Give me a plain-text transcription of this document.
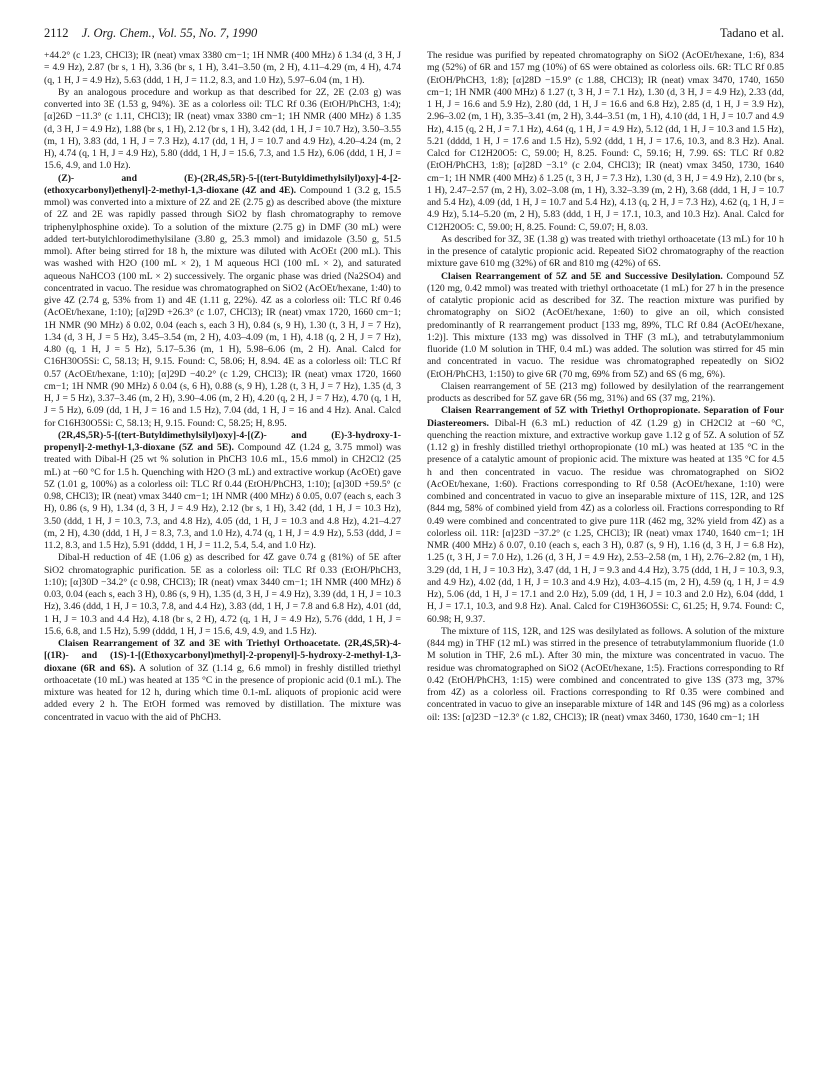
2112 J. Org. Chem., Vol. 55, No. 7, 1990	Tadano et al.

+44.2° (c 1.23, CHCl3); IR (neat) νmax 3380 cm−1; 1H NMR (400 MHz) δ 1.34 (d, 3 H, J = 4.9 Hz), 2.87 (br s, 1 H), 3.36 (br s, 1 H), 3.41–3.50 (m, 2 H), 4.11–4.29 (m, 4 H), 4.74 (q, 1 H, J = 4.9 Hz), 5.63 (ddd, 1 H, J = 11.2, 8.3, and 1.0 Hz), 5.97–6.04 (m, 1 H).

By an analogous procedure and workup as that described for 2Z, 2E (2.03 g) was converted into 3E (1.53 g, 94%). 3E as a colorless oil: TLC Rf 0.36 (EtOH/PhCH3, 1:4); [α]26D −11.3° (c 1.11, CHCl3); IR (neat) νmax 3380 cm−1; 1H NMR (400 MHz) δ 1.35 (d, 3 H, J = 4.9 Hz), 1.88 (br s, 1 H), 2.12 (br s, 1 H), 3.42 (dd, 1 H, J = 10.7 Hz), 3.50–3.55 (m, 1 H), 3.83 (dd, 1 H, J = 7.3 Hz), 4.17 (dd, 1 H, J = 10.7 and 4.9 Hz), 4.20–4.24 (m, 2 H), 4.74 (q, 1 H, J = 4.9 Hz), 5.80 (ddd, 1 H, J = 15.6, 7.3, and 1.5 Hz), 6.06 (ddd, 1 H, J = 15.6, 4.9, and 1.0 Hz).

(Z)- and (E)-(2R,4S,5R)-5-[(tert-Butyldimethylsilyl)oxy]-4-[2-(ethoxycarbonyl)ethenyl]-2-methyl-1,3-dioxane (4Z and 4E). Compound 1 (3.2 g, 15.5 mmol) was converted into a mixture of 2Z and 2E (2.75 g) as described above (the mixture of 2Z and 2E was rapidly passed through SiO2 by flash chromatography to remove triphenylphosphine oxide). To a solution of the mixture (2.75 g) in DMF (30 mL) were added tert-butylchlorodimethylsilane (3.80 g, 25.3 mmol) and imidazole (3.50 g, 51.5 mmol). After being stirred for 18 h, the mixture was diluted with AcOEt (200 mL). This was washed with H2O (100 mL × 2), 1 M aqueous HCl (100 mL × 2), and saturated aqueous NaHCO3 (100 mL × 2) successively. The organic phase was dried (Na2SO4) and concentrated in vacuo. The residue was chromatographed on SiO2 (AcOEt/hexane, 1:40) to give 4Z (2.74 g, 53% from 1) and 4E (1.11 g, 22%). 4Z as a colorless oil: TLC Rf 0.46 (AcOEt/hexane, 1:10); [α]29D +26.3° (c 1.07, CHCl3); IR (neat) νmax 1720, 1660 cm−1; 1H NMR (90 MHz) δ 0.02, 0.04 (each s, each 3 H), 0.84 (s, 9 H), 1.30 (t, 3 H, J = 7 Hz), 1.34 (d, 3 H, J = 5 Hz), 3.45–3.54 (m, 2 H), 4.03–4.09 (m, 1 H), 4.18 (q, 2 H, J = 7 Hz), 4.80 (q, 1 H, J = 5 Hz), 5.17–5.36 (m, 1 H), 5.98–6.06 (m, 2 H). Anal. Calcd for C16H30O5Si: C, 58.13; H, 9.15. Found: C, 58.06; H, 8.94. 4E as a colorless oil: TLC Rf 0.57 (AcOEt/hexane, 1:10); [α]29D −40.2° (c 1.29, CHCl3); IR (neat) νmax 1720, 1660 cm−1; 1H NMR (90 MHz) δ 0.04 (s, 6 H), 0.88 (s, 9 H), 1.28 (t, 3 H, J = 7 Hz), 1.35 (d, 3 H, J = 5 Hz), 3.37–3.46 (m, 2 H), 3.90–4.06 (m, 2 H), 4.20 (q, 2 H, J = 7 Hz), 4.70 (q, 1 H, J = 5 Hz), 6.09 (dd, 1 H, J = 16 and 1.5 Hz), 7.04 (dd, 1 H, J = 16 and 4 Hz). Anal. Calcd for C16H30O5Si: C, 58.13; H, 9.15. Found: C, 58.25; H, 8.95.

(2R,4S,5R)-5-[(tert-Butyldimethylsilyl)oxy]-4-[(Z)- and (E)-3-hydroxy-1-propenyl]-2-methyl-1,3-dioxane (5Z and 5E). Compound 4Z (1.24 g, 3.75 mmol) was treated with Dibal-H (25 wt % solution in PhCH3 10.6 mL, 15.6 mmol) in CH2Cl2 (25 mL) at −60 °C for 1.5 h. Quenching with H2O (3 mL) and extractive workup (AcOEt) gave 5Z (1.01 g, 100%) as a colorless oil: TLC Rf 0.44 (EtOH/PhCH3, 1:10); [α]30D +59.5° (c 0.98, CHCl3); IR (neat) νmax 3440 cm−1; 1H NMR (400 MHz) δ 0.05, 0.07 (each s, each 3 H), 0.86 (s, 9 H), 1.34 (d, 3 H, J = 4.9 Hz), 2.12 (br s, 1 H), 3.42 (dd, 1 H, J = 10.3 Hz), 3.50 (ddd, 1 H, J = 10.3, 7.3, and 4.8 Hz), 4.05 (dd, 1 H, J = 10.3 and 4.8 Hz), 4.21–4.27 (m, 2 H), 4.30 (ddd, 1 H, J = 8.3, 7.3, and 1.0 Hz), 4.74 (q, 1 H, J = 4.9 Hz), 5.53 (ddd, J = 11.2, 8.3, and 1.5 Hz), 5.91 (dddd, 1 H, J = 11.2, 5.4, 5.4, and 1.0 Hz).

Dibal-H reduction of 4E (1.06 g) as described for 4Z gave 0.74 g (81%) of 5E after SiO2 chromatographic purification. 5E as a colorless oil: TLC Rf 0.33 (EtOH/PhCH3, 1:10); [α]30D −34.2° (c 0.98, CHCl3); IR (neat) νmax 3440 cm−1; 1H NMR (400 MHz) δ 0.03, 0.04 (each s, each 3 H), 0.86 (s, 9 H), 1.35 (d, 3 H, J = 4.9 Hz), 3.39 (dd, 1 H, J = 10.3 Hz), 3.46 (ddd, 1 H, J = 10.3, 7.8, and 4.4 Hz), 3.83 (dd, 1 H, J = 7.8 and 6.8 Hz), 4.01 (dd, 1 H, J = 10.3 and 4.4 Hz), 4.18 (br s, 2 H), 4.72 (q, 1 H, J = 4.9 Hz), 5.76 (ddd, 1 H, J = 15.6, 6.8, and 1.5 Hz), 5.99 (dddd, 1 H, J = 15.6, 4.9, 4.9, and 1.5 Hz).

Claisen Rearrangement of 3Z and 3E with Triethyl Orthoacetate. (2R,4S,5R)-4-[(1R)- and (1S)-1-[(Ethoxycarbonyl)methyl]-2-propenyl]-5-hydroxy-2-methyl-1,3-dioxane (6R and 6S). A solution of 3Z (1.14 g, 6.6 mmol) in freshly distilled triethyl orthoacetate (10 mL) was heated at 135 °C in the presence of propionic acid (0.1 mL). The mixture was heated for 12 h, during which time 0.1-mL aliquots of propionic acid were added every 2 h. The EtOH formed was removed by distillation. The mixture was concentrated in vacuo with the aid of PhCH3.

The residue was purified by repeated chromatography on SiO2 (AcOEt/hexane, 1:6), 834 mg (52%) of 6R and 157 mg (10%) of 6S were obtained as colorless oils. 6R: TLC Rf 0.85 (EtOH/PhCH3, 1:8); [α]28D −15.9° (c 1.88, CHCl3); IR (neat) νmax 3470, 1740, 1650 cm−1; 1H NMR (400 MHz) δ 1.27 (t, 3 H, J = 7.1 Hz), 1.30 (d, 3 H, J = 4.9 Hz), 2.33 (dd, 1 H, J = 16.6 and 5.9 Hz), 2.80 (dd, 1 H, J = 16.6 and 6.8 Hz), 2.85 (d, 1 H, J = 3.9 Hz), 2.96–3.02 (m, 1 H), 3.35–3.41 (m, 2 H), 3.44–3.51 (m, 1 H), 4.10 (dd, 1 H, J = 10.7 and 4.9 Hz), 4.15 (q, 2 H, J = 7.1 Hz), 4.64 (q, 1 H, J = 4.9 Hz), 5.12 (dd, 1 H, J = 10.3 and 1.5 Hz), 5.21 (dddd, 1 H, J = 17.6 and 1.5 Hz), 5.92 (ddd, 1 H, J = 17.6, 10.3, and 8.3 Hz). Anal. Calcd for C12H20O5: C, 59.00; H, 8.25. Found: C, 59.16; H, 7.99. 6S: TLC Rf 0.82 (EtOH/PhCH3, 1:8); [α]28D −3.1° (c 2.04, CHCl3); IR (neat) νmax 3450, 1730, 1640 cm−1; 1H NMR (400 MHz) δ 1.25 (t, 3 H, J = 7.3 Hz), 1.30 (d, 3 H, J = 4.9 Hz), 2.10 (br s, 1 H), 2.47–2.57 (m, 2 H), 3.02–3.08 (m, 1 H), 3.32–3.39 (m, 2 H), 3.68 (ddd, 1 H, J = 10.7 and 5.4 Hz), 4.09 (dd, 1 H, J = 10.7 and 5.4 Hz), 4.13 (q, 2 H, J = 7.3 Hz), 4.62 (q, 1 H, J = 4.9 Hz), 5.14–5.20 (m, 2 H), 5.83 (ddd, 1 H, J = 17.1, 10.3, and 10.3 Hz). Anal. Calcd for C12H20O5: C, 59.00; H, 8.25. Found: C, 59.07; H, 8.03.

As described for 3Z, 3E (1.38 g) was treated with triethyl orthoacetate (13 mL) for 10 h in the presence of catalytic propionic acid. Repeated SiO2 chromatography of the reaction mixture gave 610 mg (32%) of 6R and 810 mg (42%) of 6S.

Claisen Rearrangement of 5Z and 5E and Successive Desilylation. Compound 5Z (120 mg, 0.42 mmol) was treated with triethyl orthoacetate (1 mL) for 27 h in the presence of catalytic propionic acid as described for 3Z. The reaction mixture was purified by chromatography on SiO2 (AcOEt/hexane, 1:60) to give an oil, which consisted predominantly of R rearrangement product [133 mg, 89%, TLC Rf 0.84 (AcOEt/hexane, 1:2)]. This mixture (133 mg) was dissolved in THF (3 mL), and tetrabutylammonium fluoride (1.0 M solution in THF, 0.4 mL) was added. The solution was stirred for 45 min and concentrated in vacuo. The residue was chromatographed repeatedly on SiO2 (EtOH/PhCH3, 1:150) to give 6R (70 mg, 69% from 5Z) and 6S (6 mg, 6%).

Claisen rearrangement of 5E (213 mg) followed by desilylation of the rearrangement products as described for 5Z gave 6R (56 mg, 31%) and 6S (37 mg, 21%).

Claisen Rearrangement of 5Z with Triethyl Orthopropionate. Separation of Four Diastereomers. Dibal-H (6.3 mL) reduction of 4Z (1.29 g) in CH2Cl2 at −60 °C, quenching the reaction mixture, and extractive workup gave 1.12 g of 5Z. A solution of 5Z (1.12 g) in freshly distilled triethyl orthopropionate (10 mL) was heated at 135 °C in the presence of a catalytic amount of propionic acid. The mixture was heated at 135 °C for 4.5 h and then concentrated in vacuo. The residue was chromatographed on SiO2 (AcOEt/hexane, 1:60). Fractions corresponding to Rf 0.58 (AcOEt/hexane, 1:10) were combined and concentrated in vacuo to give an inseparable mixture of 11S, 12R, and 12S (844 mg, 58% of combined yield from 4Z) as a colorless oil. Fractions corresponding to Rf 0.49 were combined and concentrated to give pure 11R (462 mg, 32% yield from 4Z) as a colorless oil. 11R: [α]23D −37.2° (c 1.25, CHCl3); IR (neat) νmax 1740, 1640 cm−1; 1H NMR (400 MHz) δ 0.07, 0.10 (each s, each 3 H), 0.87 (s, 9 H), 1.16 (d, 3 H, J = 6.8 Hz), 1.25 (t, 3 H, J = 7.0 Hz), 1.26 (d, 3 H, J = 4.9 Hz), 2.53–2.58 (m, 1 H), 2.76–2.82 (m, 1 H), 3.29 (dd, 1 H, J = 10.3 Hz), 3.47 (dd, 1 H, J = 9.3 and 4.4 Hz), 3.75 (ddd, 1 H, J = 10.3, 9.3, and 4.9 Hz), 4.02 (dd, 1 H, J = 10.3 and 4.9 Hz), 4.03–4.15 (m, 2 H), 4.59 (q, 1 H, J = 4.9 Hz), 5.06 (dd, 1 H, J = 17.1 and 2.0 Hz), 5.09 (dd, 1 H, J = 10.3 and 2.0 Hz), 6.04 (ddd, 1 H, J = 17.1, 10.3, and 9.8 Hz). Anal. Calcd for C19H36O5Si: C, 61.25; H, 9.74. Found: C, 60.98; H, 9.37.

The mixture of 11S, 12R, and 12S was desilylated as follows. A solution of the mixture (844 mg) in THF (12 mL) was stirred in the presence of tetrabutylammonium fluoride (1.0 M solution in THF, 2.6 mL). After 30 min, the mixture was concentrated in vacuo. The residue was chromatographed on SiO2 (AcOEt/hexane, 1:5). Fractions corresponding to Rf 0.42 (EtOH/PhCH3, 1:15) were combined and concentrated to give 13S (373 mg, 37% from 4Z) as a colorless oil. Fractions corresponding to Rf 0.35 were combined and concentrated in vacuo to give an inseparable mixture of 14R and 14S (96 mg) as a colorless oil: 13S: [α]23D −12.3° (c 1.82, CHCl3); IR (neat) νmax 3460, 1730, 1640 cm−1; 1H
